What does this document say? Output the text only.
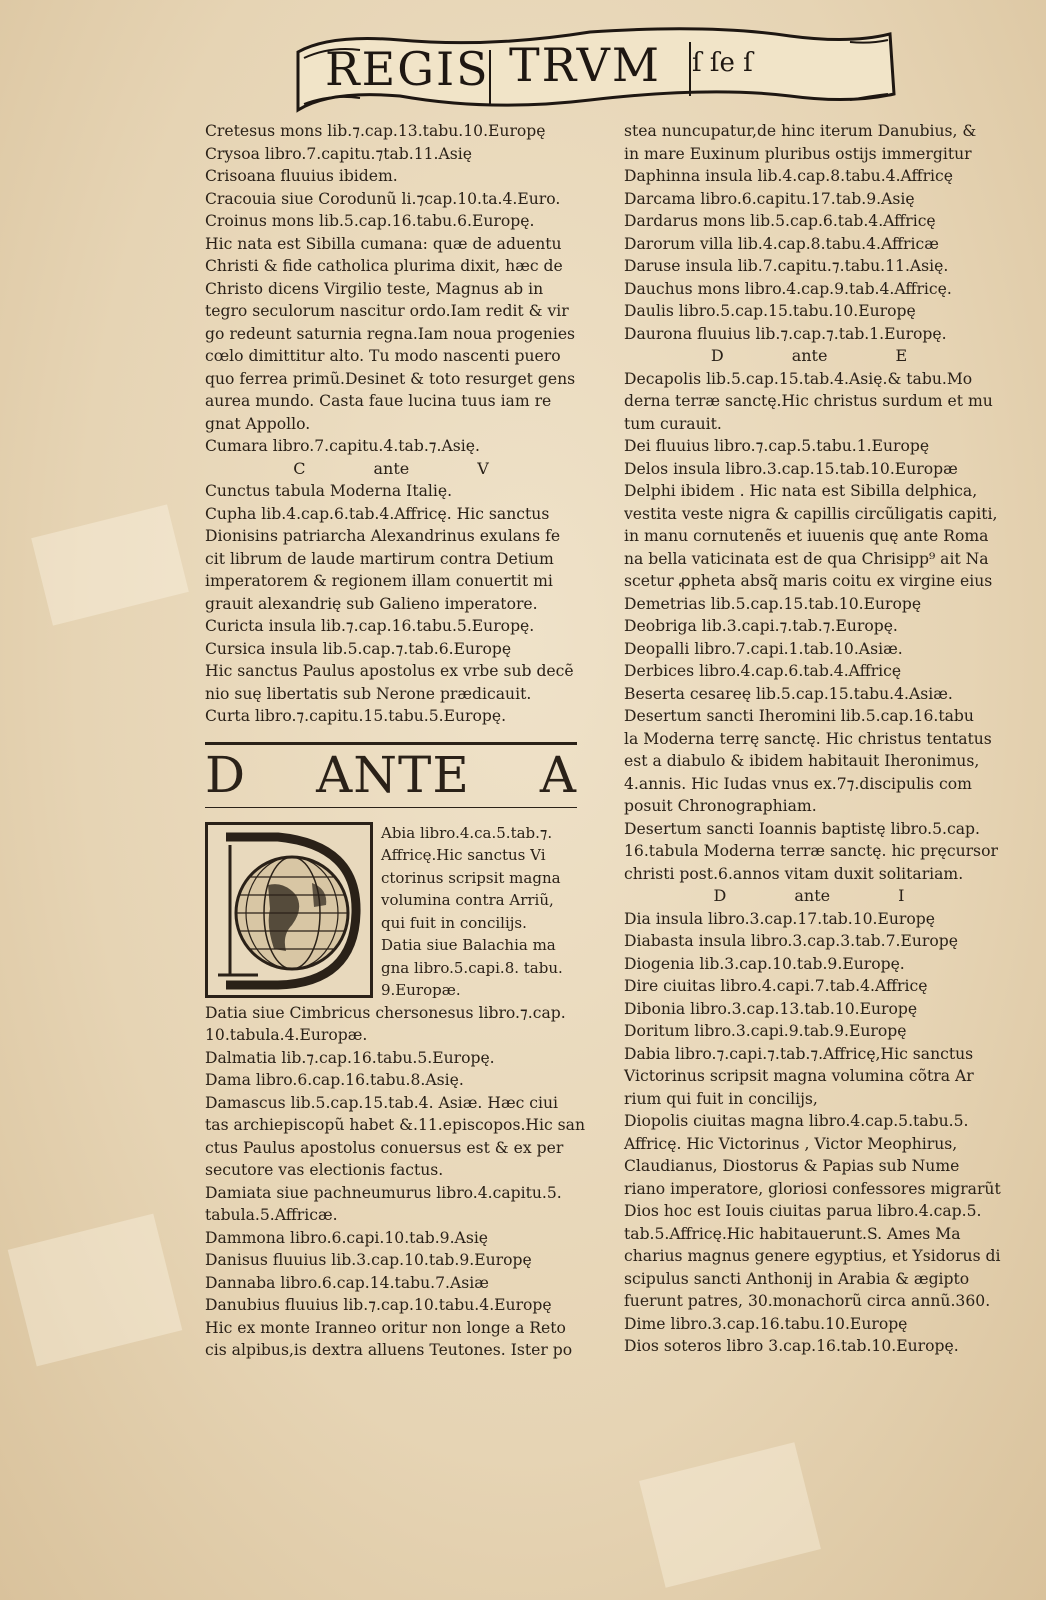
REGIS TRVM	ſ ſe ſ
Cretesus mons lib.⁊.cap.13.tabu.10.Europę
Crysoa libro.7.capitu.⁊tab.11.Asię
Crisoana fluuius ibidem.
Cracouia siue Corodunũ li.⁊cap.10.ta.4.Euro.
Croinus mons lib.5.cap.16.tabu.6.Europę.
Hic nata est Sibilla cumana: quæ de aduentu
Christi & fide catholica plurima dixit, hæc de
Christo dicens Virgilio teste, Magnus ab in
tegro seculorum nascitur ordo.Iam redit & vir
go redeunt saturnia regna.Iam noua progenies
cœlo dimittitur alto. Tu modo nascenti puero
quo ferrea primũ.Desinet & toto resurget gens
aurea mundo. Casta faue lucina tuus iam re
gnat Appollo.
Cumara libro.7.capitu.4.tab.⁊.Asię.
C	ante	V
Cunctus tabula Moderna Italię.
Cupha lib.4.cap.6.tab.4.Affricę. Hic sanctus
Dionisins patriarcha Alexandrinus exulans fe
cit librum de laude martirum contra Detium
imperatorem & regionem illam conuertit mi
grauit alexandrię sub Galieno imperatore.
Curicta insula lib.⁊.cap.16.tabu.5.Europę.
Cursica insula lib.5.cap.⁊.tab.6.Europę
Hic sanctus Paulus apostolus ex vrbe sub decẽ
nio suę libertatis sub Nerone prædicauit.
Curta libro.⁊.capitu.15.tabu.5.Europę.
D ANTE A
Abia libro.4.ca.5.tab.⁊.
Affricę.Hic sanctus Vi
ctorinus scripsit magna
volumina contra Arriũ,
qui fuit in concilijs.
Datia siue Balachia ma
gna libro.5.capi.8. tabu.
9.Europæ.
Datia siue Cimbricus chersonesus libro.⁊.cap.
10.tabula.4.Europæ.
Dalmatia lib.⁊.cap.16.tabu.5.Europę.
Dama libro.6.cap.16.tabu.8.Asię.
Damascus lib.5.cap.15.tab.4. Asiæ. Hæc ciui
tas archiepiscopũ habet &.11.episcopos.Hic san
ctus Paulus apostolus conuersus est & ex per
secutore vas electionis factus.
Damiata siue pachneumurus libro.4.capitu.5.
tabula.5.Affricæ.
Dammona libro.6.capi.10.tab.9.Asię
Danisus fluuius lib.3.cap.10.tab.9.Europę
Dannaba libro.6.cap.14.tabu.7.Asiæ
Danubius fluuius lib.⁊.cap.10.tabu.4.Europę
Hic ex monte Iranneo oritur non longe a Reto
cis alpibus,is dextra alluens Teutones. Ister po
stea nuncupatur,de hinc iterum Danubius, &
in mare Euxinum pluribus ostijs immergitur
Daphinna insula lib.4.cap.8.tabu.4.Affricę
Darcama libro.6.capitu.17.tab.9.Asię
Dardarus mons lib.5.cap.6.tab.4.Affricę
Darorum villa lib.4.cap.8.tabu.4.Affricæ
Daruse insula lib.7.capitu.⁊.tabu.11.Asię.
Dauchus mons libro.4.cap.9.tab.4.Affricę.
Daulis libro.5.cap.15.tabu.10.Europę
Daurona fluuius lib.⁊.cap.⁊.tab.1.Europę.
D	ante	E
Decapolis lib.5.cap.15.tab.4.Asię.& tabu.Mo
derna terræ sanctę.Hic christus surdum et mu
tum curauit.
Dei fluuius libro.⁊.cap.5.tabu.1.Europę
Delos insula libro.3.cap.15.tab.10.Europæ
Delphi ibidem . Hic nata est Sibilla delphica,
vestita veste nigra & capillis circũligatis capiti,
in manu cornutenẽs et iuuenis quę ante Roma
na bella vaticinata est de qua Chrisipp⁹ ait Na
scetur ꝓpheta absq̃ maris coitu ex virgine eius
Demetrias lib.5.cap.15.tab.10.Europę
Deobriga lib.3.capi.⁊.tab.⁊.Europę.
Deopalli libro.7.capi.1.tab.10.Asiæ.
Derbices libro.4.cap.6.tab.4.Affricę
Beserta cesareę lib.5.cap.15.tabu.4.Asiæ.
Desertum sancti Iheromini lib.5.cap.16.tabu
la Moderna terrę sanctę. Hic christus tentatus
est a diabulo & ibidem habitauit Iheronimus,
4.annis. Hic Iudas vnus ex.7⁊.discipulis com
posuit Chronographiam.
Desertum sancti Ioannis baptistę libro.5.cap.
16.tabula Moderna terræ sanctę. hic pręcursor
christi post.6.annos vitam duxit solitariam.
D	ante	I
Dia insula libro.3.cap.17.tab.10.Europę
Diabasta insula libro.3.cap.3.tab.7.Europę
Diogenia lib.3.cap.10.tab.9.Europę.
Dire ciuitas libro.4.capi.7.tab.4.Affricę
Dibonia libro.3.cap.13.tab.10.Europę
Doritum libro.3.capi.9.tab.9.Europę
Dabia libro.⁊.capi.⁊.tab.⁊.Affricę,Hic sanctus
Victorinus scripsit magna volumina cõtra Ar
rium qui fuit in concilijs,
Diopolis ciuitas magna libro.4.cap.5.tabu.5.
Affricę. Hic Victorinus , Victor Meophirus,
Claudianus, Diostorus & Papias sub Nume
riano imperatore, gloriosi confessores migrarũt
Dios hoc est Iouis ciuitas parua libro.4.cap.5.
tab.5.Affricę.Hic habitauerunt.S. Ames Ma
charius magnus genere egyptius, et Ysidorus di
scipulus sancti Anthonij in Arabia & ægipto
fuerunt patres, 30.monachorũ circa annũ.360.
Dime libro.3.cap.16.tabu.10.Europę
Dios soteros libro 3.cap.16.tab.10.Europę.
